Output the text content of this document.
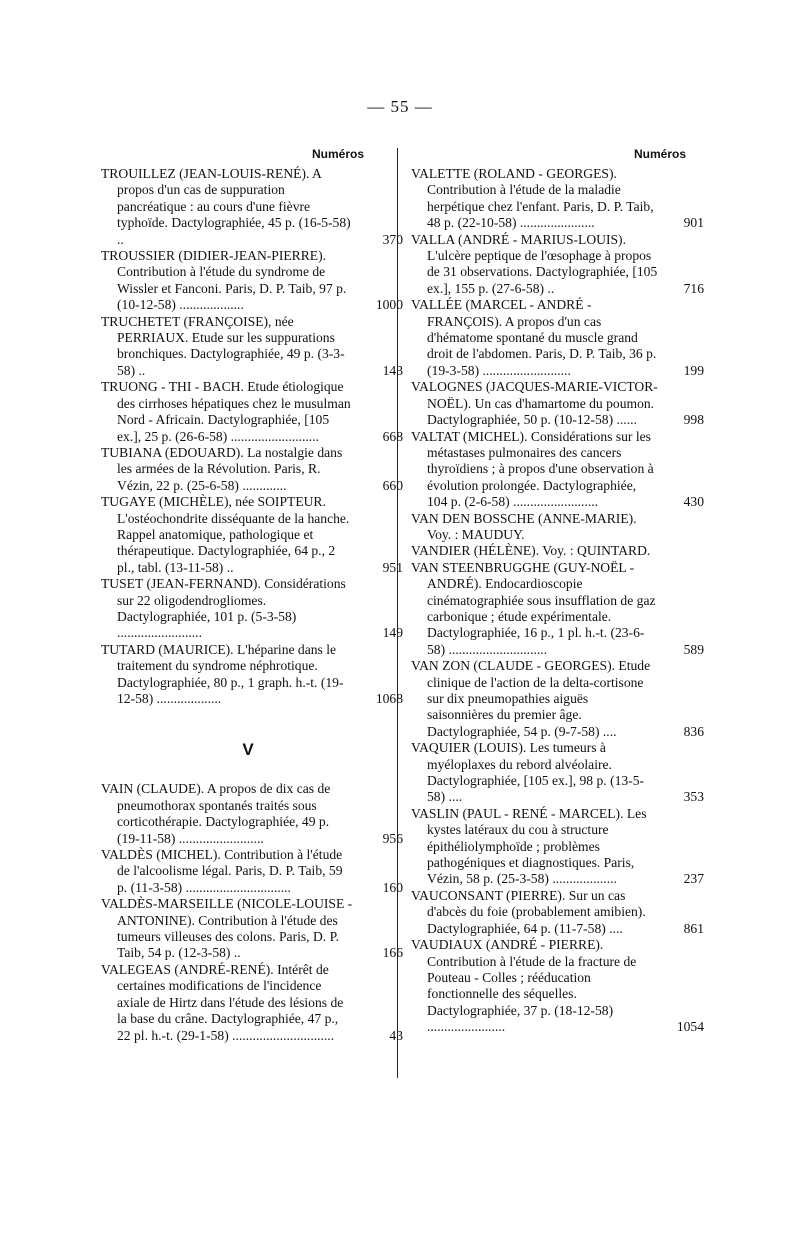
— 55 —
Numéros	Numéros
TROUILLEZ (JEAN-LOUIS-RENÉ). A propos d'un cas de suppuration pancréatique : au cours d'une fièvre typhoïde. Dactylographiée, 45 p. (16-5-58) ..	370
TROUSSIER (DIDIER-JEAN-PIERRE). Contribution à l'étude du syndrome de Wissler et Fanconi. Paris, D. P. Taib, 97 p. (10-12-58) ...................	1000
TRUCHETET (FRANÇOISE), née PERRIAUX. Etude sur les suppurations bronchiques. Dactylographiée, 49 p. (3-3-58) ..	143
TRUONG - THI - BACH. Etude étiologique des cirrhoses hépatiques chez le musulman Nord - Africain. Dactylographiée, [105 ex.], 25 p. (26-6-58) ..........................	668
TUBIANA (EDOUARD). La nostalgie dans les armées de la Révolution. Paris, R. Vézin, 22 p. (25-6-58) .............	660
TUGAYE (MICHÈLE), née SOIPTEUR. L'ostéochondrite disséquante de la hanche. Rappel anatomique, pathologique et thérapeutique. Dactylographiée, 64 p., 2 pl., tabl. (13-11-58) ..	951
TUSET (JEAN-FERNAND). Considérations sur 22 oligodendrogliomes. Dactylographiée, 101 p. (5-3-58) .........................	149
TUTARD (MAURICE). L'héparine dans le traitement du syndrome néphrotique. Dactylographiée, 80 p., 1 graph. h.-t. (19-12-58) ...................	1068
V
VAIN (CLAUDE). A propos de dix cas de pneumothorax spontanés traités sous corticothérapie. Dactylographiée, 49 p. (19-11-58) .........................	956
VALDÈS (MICHEL). Contribution à l'étude de l'alcoolisme légal. Paris, D. P. Taib, 59 p. (11-3-58) ...............................	160
VALDÈS-MARSEILLE (NICOLE-LOUISE - ANTONINE). Contribution à l'étude des tumeurs villeuses des colons. Paris, D. P. Taib, 54 p. (12-3-58) ..	166
VALEGEAS (ANDRÉ-RENÉ). Intérêt de certaines modifications de l'incidence axiale de Hirtz dans l'étude des lésions de la base du crâne. Dactylographiée, 47 p., 22 pl. h.-t. (29-1-58) ..............................	43
VALETTE (ROLAND - GEORGES). Contribution à l'étude de la maladie herpétique chez l'enfant. Paris, D. P. Taib, 48 p. (22-10-58) ......................	901
VALLA (ANDRÉ - MARIUS-LOUIS). L'ulcère peptique de l'œsophage à propos de 31 observations. Dactylographiée, [105 ex.], 155 p. (27-6-58) ..	716
VALLÉE (MARCEL - ANDRÉ - FRANÇOIS). A propos d'un cas d'hématome spontané du muscle grand droit de l'abdomen. Paris, D. P. Taib, 36 p. (19-3-58) ..........................	199
VALOGNES (JACQUES-MARIE-VICTOR-NOËL). Un cas d'hamartome du poumon. Dactylographiée, 50 p. (10-12-58) ......	998
VALTAT (MICHEL). Considérations sur les métastases pulmonaires des cancers thyroïdiens ; à propos d'une observation à évolution prolongée. Dactylographiée, 104 p. (2-6-58) .........................	430
VAN DEN BOSSCHE (ANNE-MARIE). Voy. : MAUDUY.
VANDIER (HÉLÈNE). Voy. : QUINTARD.
VAN STEENBRUGGHE (GUY-NOËL - ANDRÉ). Endocardioscopie cinématographiée sous insufflation de gaz carbonique ; étude expérimentale. Dactylographiée, 16 p., 1 pl. h.-t. (23-6-58) .............................	589
VAN ZON (CLAUDE - GEORGES). Etude clinique de l'action de la delta-cortisone sur dix pneumopathies aiguës saisonnières du premier âge. Dactylographiée, 54 p. (9-7-58) ....	836
VAQUIER (LOUIS). Les tumeurs à myéloplaxes du rebord alvéolaire. Dactylographiée, [105 ex.], 98 p. (13-5-58) ....	353
VASLIN (PAUL - RENÉ - MARCEL). Les kystes latéraux du cou à structure épithéliolymphoïde ; problèmes pathogéniques et diagnostiques. Paris, Vézin, 58 p. (25-3-58) ...................	237
VAUCONSANT (PIERRE). Sur un cas d'abcès du foie (probablement amibien). Dactylographiée, 64 p. (11-7-58) ....	861
VAUDIAUX (ANDRÉ - PIERRE). Contribution à l'étude de la fracture de Pouteau - Colles ; rééducation fonctionnelle des séquelles. Dactylographiée, 37 p. (18-12-58) .......................	1054
